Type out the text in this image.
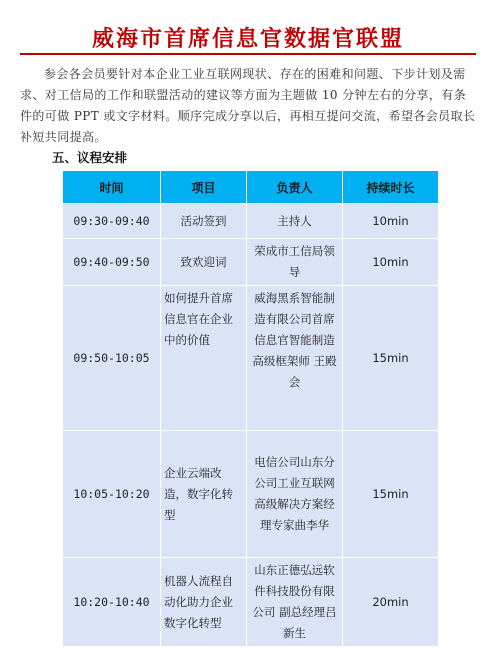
威海市首席信息官数据官联盟

参会各会员要针对本企业工业互联网现状、存在的困难和问题、下步计划及需求、对工信局的工作和联盟活动的建议等方面为主题做 10 分钟左右的分享，有条件的可做 PPT 或文字材料。顺序完成分享以后，再相互提问交流，希望各会员取长补短共同提高。

五、议程安排
时间	项目	负责人	持续时长
09:30-09:40	活动签到	主持人	10min
09:40-09:50	致欢迎词	荣成市工信局领导	10min
09:50-10:05	如何提升首席信息官在企业中的价值	威海黑系智能制造有限公司首席信息官智能制造高级框架师 王殿会	15min
10:05-10:20	企业云端改造，数字化转型	电信公司山东分公司工业互联网高级解决方案经理专家曲李华	15min
10:20-10:40	机器人流程自动化助力企业数字化转型	山东正德弘远软件科技股份有限公司 副总经理吕新生	20min
